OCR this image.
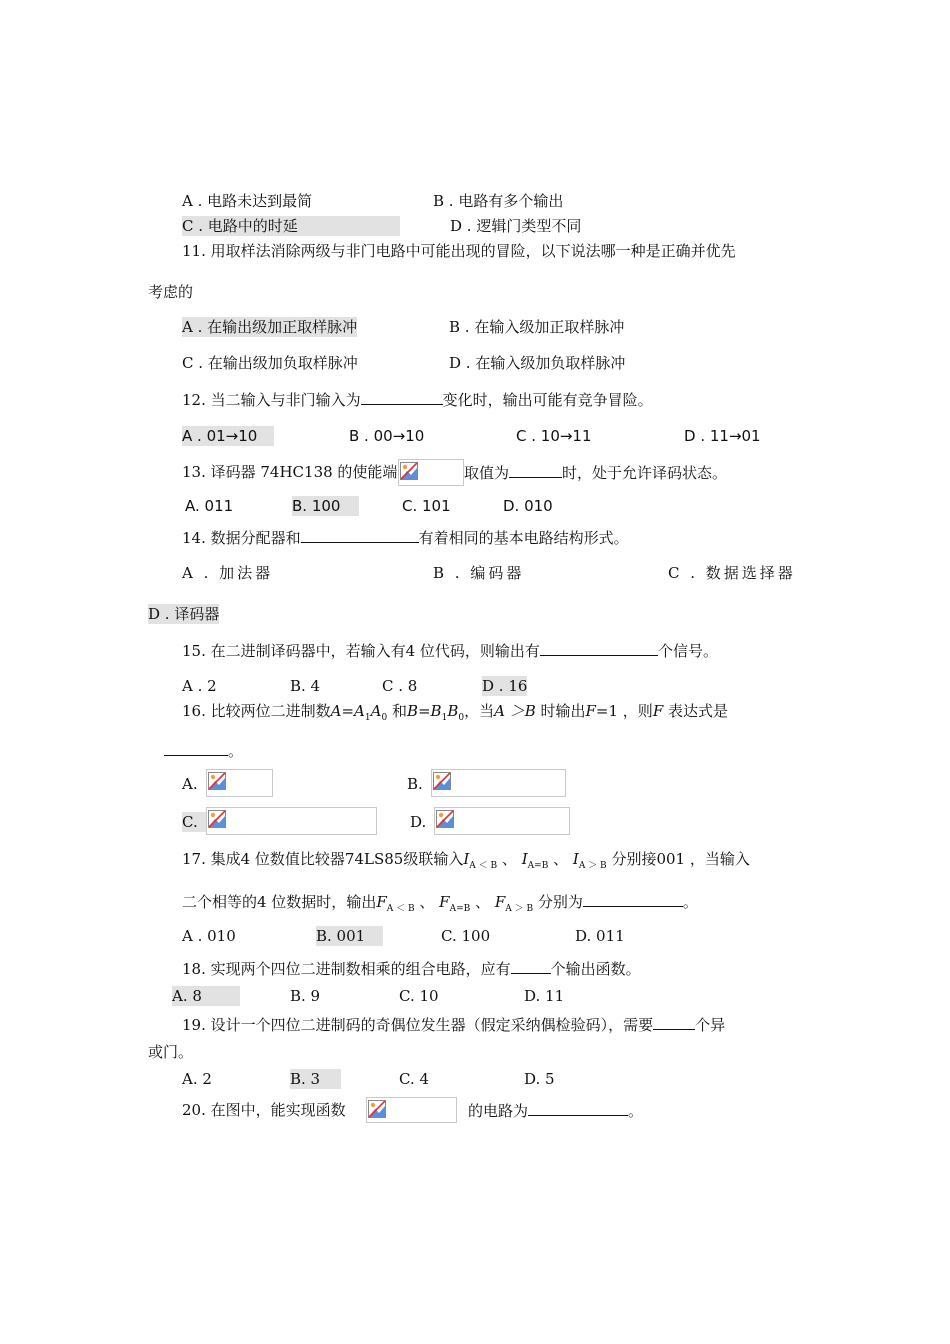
A . 电路未达到最简	B . 电路有多个输出
C . 电路中的时延	D . 逻辑门类型不同
11. 用取样法消除两级与非门电路中可能出现的冒险，以下说法哪一种是正确并优先
考虑的
A . 在输出级加正取样脉冲	B . 在输入级加正取样脉冲
C . 在输出级加负取样脉冲	D . 在输入级加负取样脉冲
12. 当二输入与非门输入为	变化时，输出可能有竞争冒险。
A . 01→10	B . 00→10	C . 10→11	D . 11→01
13. 译码器 74HC138 的使能端	取值为	时，处于允许译码状态。
A. 011	B. 100	C. 101	D. 010
14. 数据分配器和	有着相同的基本电路结构形式。
A . 加法器	B . 编码器	C . 数据选择器
D . 译码器
15. 在二进制译码器中，若输入有4 位代码，则输出有	个信号。
A . 2	B. 4	C . 8	D . 16
16. 比较两位二进制数$A=A_1A_0$ 和$B=B_1B_0$，当A ＞B 时输出F=1 ，则F 表达式是
。
A.	B.
C.	D.
17. 集成4 位数值比较器74LS85级联输入$I_{A < B}$ 、 $I_{A=B}$ 、 $I_{A > B}$ 分别接001 ，当输入
二个相等的4 位数据时，输出$F_{A < B}$ 、 $F_{A=B}$ 、 $F_{A > B}$ 分别为	。
A . 010	B. 001	C. 100	D. 011
18. 实现两个四位二进制数相乘的组合电路，应有	个输出函数。
A. 8	B. 9	C. 10	D. 11
19. 设计一个四位二进制码的奇偶位发生器（假定采纳偶检验码），需要	个异
或门。
A. 2	B. 3	C. 4	D. 5
20. 在图中，能实现函数	的电路为	。
